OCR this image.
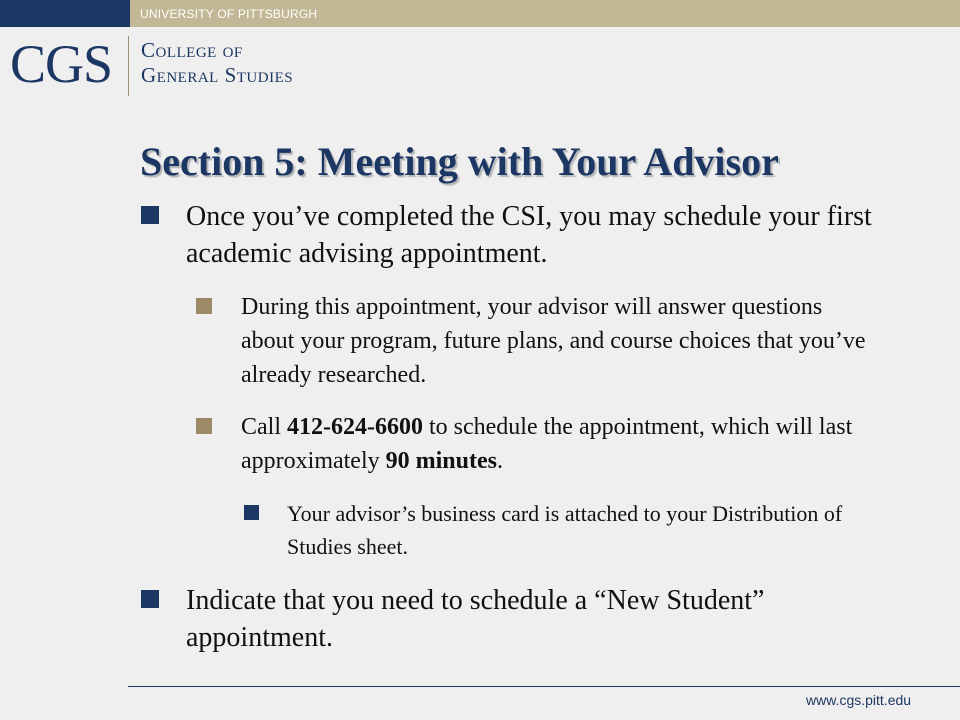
UNIVERSITY OF PITTSBURGH
CGS College of
General Studies
Section 5: Meeting with Your Advisor

Once you’ve completed the CSI, you may schedule your first academic advising appointment.

During this appointment, your advisor will answer questions about your program, future plans, and course choices that you’ve already researched.

Call 412-624-6600 to schedule the appointment, which will last approximately 90 minutes.

Your advisor’s business card is attached to your Distribution of Studies sheet.

Indicate that you need to schedule a “New Student” appointment.

www.cgs.pitt.edu
